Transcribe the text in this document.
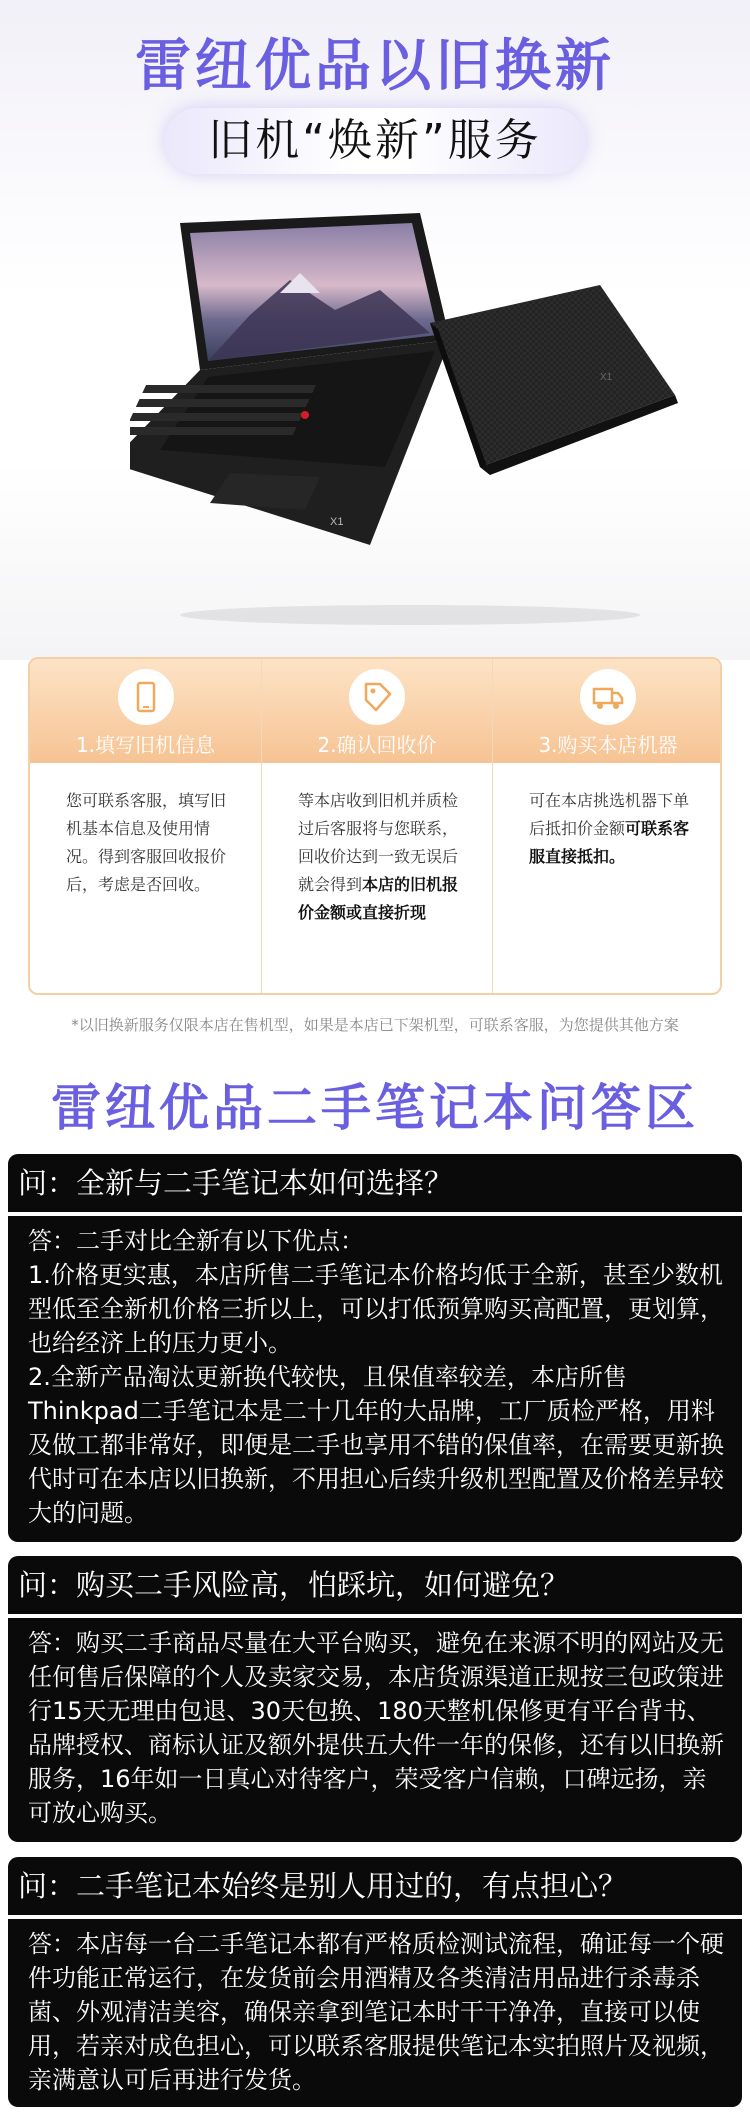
雷纽优品以旧换新
旧机“焕新”服务
X1
X1
1.填写旧机信息
您可联系客服，填写旧机基本信息及使用情况。得到客服回收报价后，考虑是否回收。
2.确认回收价
等本店收到旧机并质检过后客服将与您联系，回收价达到一致无误后就会得到本店的旧机报价金额或直接折现
3.购买本店机器
可在本店挑选机器下单后抵扣价金额可联系客服直接抵扣。
*以旧换新服务仅限本店在售机型，如果是本店已下架机型，可联系客服，为您提供其他方案
雷纽优品二手笔记本问答区
问：全新与二手笔记本如何选择？
答：二手对比全新有以下优点：
1.价格更实惠，本店所售二手笔记本价格均低于全新，甚至少数机型低至全新机价格三折以上，可以打低预算购买高配置，更划算，也给经济上的压力更小。
2.全新产品淘汰更新换代较快，且保值率较差，本店所售Thinkpad二手笔记本是二十几年的大品牌，工厂质检严格，用料及做工都非常好，即便是二手也享用不错的保值率，在需要更新换代时可在本店以旧换新，不用担心后续升级机型配置及价格差异较大的问题。
问：购买二手风险高，怕踩坑，如何避免？
答：购买二手商品尽量在大平台购买，避免在来源不明的网站及无任何售后保障的个人及卖家交易，本店货源渠道正规按三包政策进行15天无理由包退、30天包换、180天整机保修更有平台背书、品牌授权、商标认证及额外提供五大件一年的保修，还有以旧换新服务，16年如一日真心对待客户，荣受客户信赖，口碑远扬，亲可放心购买。
问：二手笔记本始终是别人用过的，有点担心？
答：本店每一台二手笔记本都有严格质检测试流程，确证每一个硬件功能正常运行，在发货前会用酒精及各类清洁用品进行杀毒杀菌、外观清洁美容，确保亲拿到笔记本时干干净净，直接可以使用，若亲对成色担心，可以联系客服提供笔记本实拍照片及视频，亲满意认可后再进行发货。
